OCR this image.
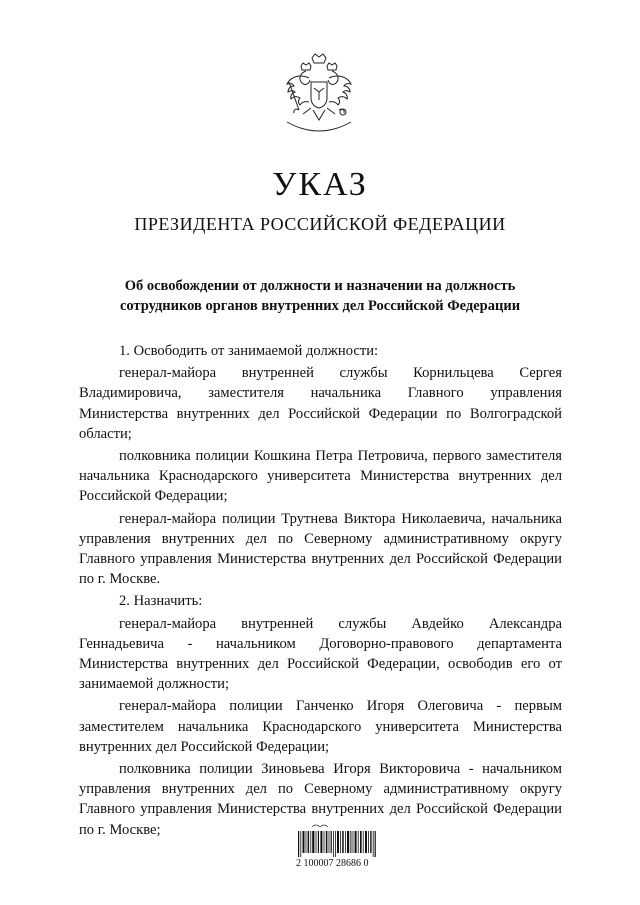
УКАЗ
ПРЕЗИДЕНТА РОССИЙСКОЙ ФЕДЕРАЦИИ
Об освобождении от должности и назначении на должность
сотрудников органов внутренних дел Российской Федерации

1. Освободить от занимаемой должности:

генерал-майора внутренней службы Корнильцева Сергея Владимировича, заместителя начальника Главного управления Министерства внутренних дел Российской Федерации по Волгоградской области;

полковника полиции Кошкина Петра Петровича, первого заместителя начальника Краснодарского университета Министерства внутренних дел Российской Федерации;

генерал-майора полиции Трутнева Виктора Николаевича, начальника управления внутренних дел по Северному административному округу Главного управления Министерства внутренних дел Российской Федерации по г. Москве.

2. Назначить:

генерал-майора внутренней службы Авдейко Александра Геннадьевича - начальником Договорно-правового департамента Министерства внутренних дел Российской Федерации, освободив его от занимаемой должности;

генерал-майора полиции Ганченко Игоря Олеговича - первым заместителем начальника Краснодарского университета Министерства внутренних дел Российской Федерации;

полковника полиции Зиновьева Игоря Викторовича - начальником управления внутренних дел по Северному административному округу Главного управления Министерства внутренних дел Российской Федерации по г. Москве;

2 100007 28686 0
